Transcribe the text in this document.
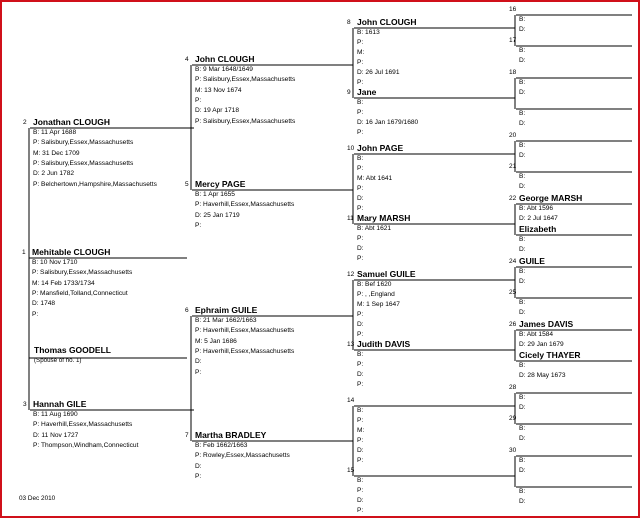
1 Mehitable CLOUGH
B: 10 Nov 1710
P: Salisbury,Essex,Massachusetts
M: 14 Feb 1733/1734
P: Mansfield,Tolland,Connecticut
D: 1748
P:
2 Jonathan CLOUGH
B: 11 Apr 1688
P: Salisbury,Essex,Massachusetts
M: 31 Dec 1709
P: Salisbury,Essex,Massachusetts
D: 2 Jun 1782
P: Belchertown,Hampshire,Massachusetts
3 Hannah GILE
B: 11 Aug 1690
P: Haverhill,Essex,Massachusetts
D: 11 Nov 1727
P: Thompson,Windham,Connecticut
4 John CLOUGH
B: 9 Mar 1648/1649
P: Salisbury,Essex,Massachusetts
M: 13 Nov 1674
P:
D: 19 Apr 1718
P: Salisbury,Essex,Massachusetts
5 Mercy PAGE
B: 1 Apr 1655
P: Haverhill,Essex,Massachusetts
D: 25 Jan 1719
P:
6 Ephraim GUILE
B: 21 Mar 1662/1663
P: Haverhill,Essex,Massachusetts
M: 5 Jan 1686
P: Haverhill,Essex,Massachusetts
D:
P:
7 Martha BRADLEY
B: Feb 1662/1663
P: Rowley,Essex,Massachusetts
D:
P:
8 John CLOUGH
B: 1613
P:
M:
P:
D: 26 Jul 1691
P:
9 Jane
B:
P:
D: 16 Jan 1679/1680
P:
10 John PAGE
B:
P:
M: Abt 1641
P:
D:
P:
11 Mary MARSH
B: Abt 1621
P:
D:
P:
12 Samuel GUILE
B: Bef 1620
P: , ,England
M: 1 Sep 1647
P:
D:
P:
13 Judith DAVIS
B:
P:
D:
P:
14
B:
P:
M:
P:
D:
P:
15
B:
P:
D:
P:
16
B:
D:
17
B:
D:
18
B:
D:
B:
D:
20
B:
D:
21
B:
D:
22 George MARSH
B: Abt 1596
D: 2 Jul 1647
Elizabeth
B:
D:
24 GUILE
B:
D:
25
B:
D:
26 James DAVIS
B: Abt 1584
D: 29 Jan 1679
Cicely THAYER
B:
D: 28 May 1673
28
B:
D:
29
B:
D:
30
B:
D:
B:
D:
Thomas GOODELL
(Spouse of no. 1)
03 Dec 2010
